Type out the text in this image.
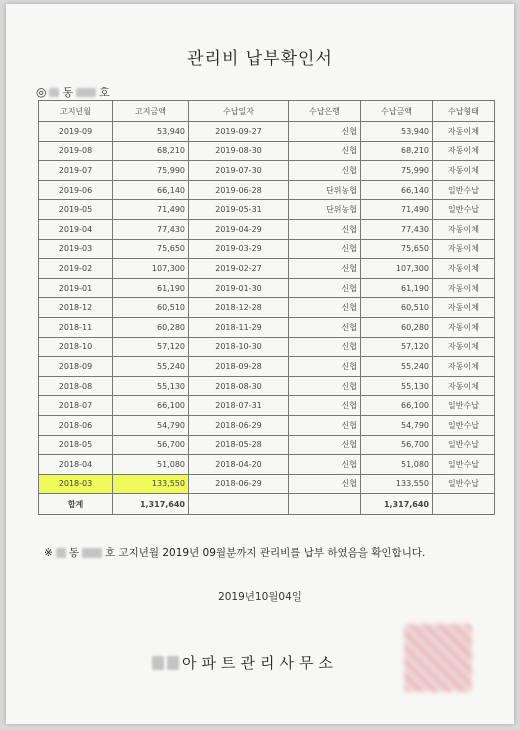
관리비 납부확인서
◎ 동 호
고지년월	고지금액	수납일자	수납은행	수납금액	수납형태
2019-09	53,940	2019-09-27	신협	53,940	자동이체
2019-08	68,210	2019-08-30	신협	68,210	자동이체
2019-07	75,990	2019-07-30	신협	75,990	자동이체
2019-06	66,140	2019-06-28	단위농협	66,140	일반수납
2019-05	71,490	2019-05-31	단위농협	71,490	일반수납
2019-04	77,430	2019-04-29	신협	77,430	자동이체
2019-03	75,650	2019-03-29	신협	75,650	자동이체
2019-02	107,300	2019-02-27	신협	107,300	자동이체
2019-01	61,190	2019-01-30	신협	61,190	자동이체
2018-12	60,510	2018-12-28	신협	60,510	자동이체
2018-11	60,280	2018-11-29	신협	60,280	자동이체
2018-10	57,120	2018-10-30	신협	57,120	자동이체
2018-09	55,240	2018-09-28	신협	55,240	자동이체
2018-08	55,130	2018-08-30	신협	55,130	자동이체
2018-07	66,100	2018-07-31	신협	66,100	일반수납
2018-06	54,790	2018-06-29	신협	54,790	일반수납
2018-05	56,700	2018-05-28	신협	56,700	일반수납
2018-04	51,080	2018-04-20	신협	51,080	일반수납
2018-03	133,550	2018-06-29	신협	133,550	일반수납
합계	1,317,640			1,317,640	
※ 동 호 고지년월 2019년 09월분까지 관리비를 납부 하였음을 확인합니다.
2019년10월04일
아파트관리사무소
